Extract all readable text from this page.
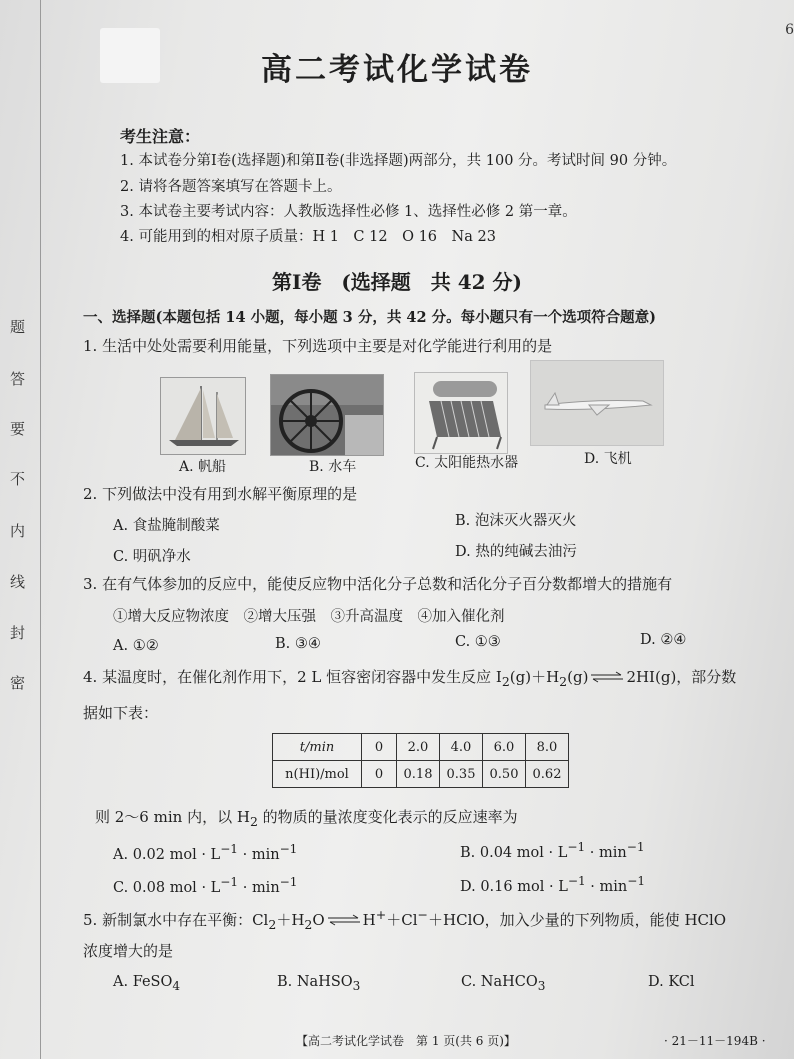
题
答
要
不
内
线
封
密
6
高二考试化学试卷
考生注意：
1. 本试卷分第Ⅰ卷(选择题)和第Ⅱ卷(非选择题)两部分，共 100 分。考试时间 90 分钟。
2. 请将各题答案填写在答题卡上。
3. 本试卷主要考试内容：人教版选择性必修 1、选择性必修 2 第一章。
4. 可能用到的相对原子质量：H 1　C 12　O 16　Na 23
第Ⅰ卷　(选择题　共 42 分)
一、选择题(本题包括 14 小题，每小题 3 分，共 42 分。每小题只有一个选项符合题意)
1. 生活中处处需要利用能量，下列选项中主要是对化学能进行利用的是
A. 帆船	B. 水车	C. 太阳能热水器	D. 飞机
2. 下列做法中没有用到水解平衡原理的是
A. 食盐腌制酸菜	B. 泡沫灭火器灭火
C. 明矾净水	D. 热的纯碱去油污
3. 在有气体参加的反应中，能使反应物中活化分子总数和活化分子百分数都增大的措施有
①增大反应物浓度　②增大压强　③升高温度　④加入催化剂
A. ①②	B. ③④	C. ①③	D. ②④
4. 某温度时，在催化剂作用下，2 L 恒容密闭容器中发生反应 $I_2(g)+H_2(g)$ ⇌ 2HI(g)，部分数
据如下表：
t/min	0	2.0	4.0	6.0	8.0
n(HI)/mol	0	0.18	0.35	0.50	0.62
则 2～6 min 内，以 $H_2$ 的物质的量浓度变化表示的反应速率为
A. 0.02 mol · $L^{-1} \cdot \min^{-1}$	B. 0.04 mol · $L^{-1} \cdot \min^{-1}$
C. 0.08 mol · $L^{-1} \cdot \min^{-1}$	D. 0.16 mol · $L^{-1} \cdot \min^{-1}$
5. 新制氯水中存在平衡：$Cl_2+H_2O$ ⇌ H+＋Cl−＋HClO，加入少量的下列物质，能使 HClO
浓度增大的是
A. FeSO$_4$	B. NaHSO$_3$	C. NaHCO$_3$	D. KCl
【高二考试化学试卷　第 1 页(共 6 页)】	· 21－11－194B ·
